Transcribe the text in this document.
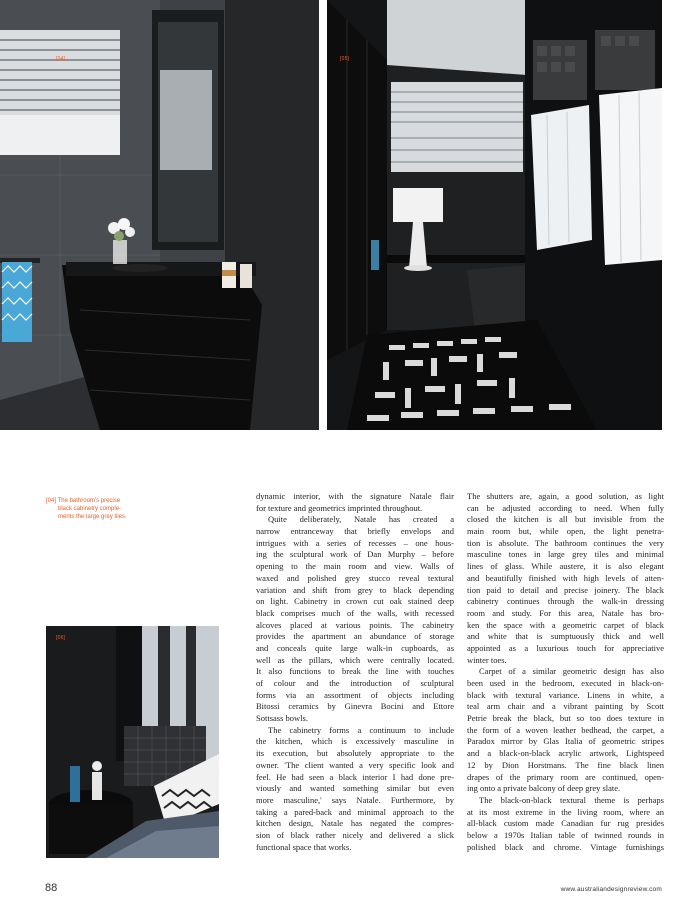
[04]	[05]
[06]
[04] The bathroom's precise
black cabinetry comple-
ments the large grey tiles.
dynamic interior, with the signature Natale flair
for texture and geometrics imprinted throughout.
Quite deliberately, Natale has created a
narrow entranceway that briefly envelops and
intrigues with a series of recesses – one hous-
ing the sculptural work of Dan Murphy – before
opening to the main room and view. Walls of
waxed and polished grey stucco reveal textural
variation and shift from grey to black depending
on light. Cabinetry in crown cut oak stained deep
black comprises much of the walls, with recessed
alcoves placed at various points. The cabinetry
provides the apartment an abundance of storage
and conceals quite large walk-in cupboards, as
well as the pillars, which were centrally located.
It also functions to break the line with touches
of colour and the introduction of sculptural
forms via an assortment of objects including
Bitossi ceramics by Ginevra Bocini and Ettore
Sottsass bowls.
The cabinetry forms a continuum to include
the kitchen, which is excessively masculine in
its execution, but absolutely appropriate to the
owner. 'The client wanted a very specific look and
feel. He had seen a black interior I had done pre-
viously and wanted something similar but even
more masculine,' says Natale. Furthermore, by
taking a pared-back and minimal approach to the
kitchen design, Natale has negated the compres-
sion of black rather nicely and delivered a slick
functional space that works.
The shutters are, again, a good solution, as light
can be adjusted according to need. When fully
closed the kitchen is all but invisible from the
main room but, while open, the light penetra-
tion is absolute. The bathroom continues the very
masculine tones in large grey tiles and minimal
lines of glass. While austere, it is also elegant
and beautifully finished with high levels of atten-
tion paid to detail and precise joinery. The black
cabinetry continues through the walk-in dressing
room and study. For this area, Natale has bro-
ken the space with a geometric carpet of black
and white that is sumptuously thick and well
appointed as a luxurious touch for appreciative
winter toes.
Carpet of a similar geometric design has also
been used in the bedroom, executed in black-on-
black with textural variance. Linens in white, a
teal arm chair and a vibrant painting by Scott
Petrie break the black, but so too does texture in
the form of a woven leather bedhead, the carpet, a
Paradox mirror by Glas Italia of geometric stripes
and a black-on-black acrylic artwork, Lightspeed
12 by Dion Horstmans. The fine black linen
drapes of the primary room are continued, open-
ing onto a private balcony of deep grey slate.
The black-on-black textural theme is perhaps
at its most extreme in the living room, where an
all-black custom made Canadian fur rug presides
below a 1970s Italian table of twinned rounds in
polished black and chrome. Vintage furnishings
88	www.australiandesignreview.com
